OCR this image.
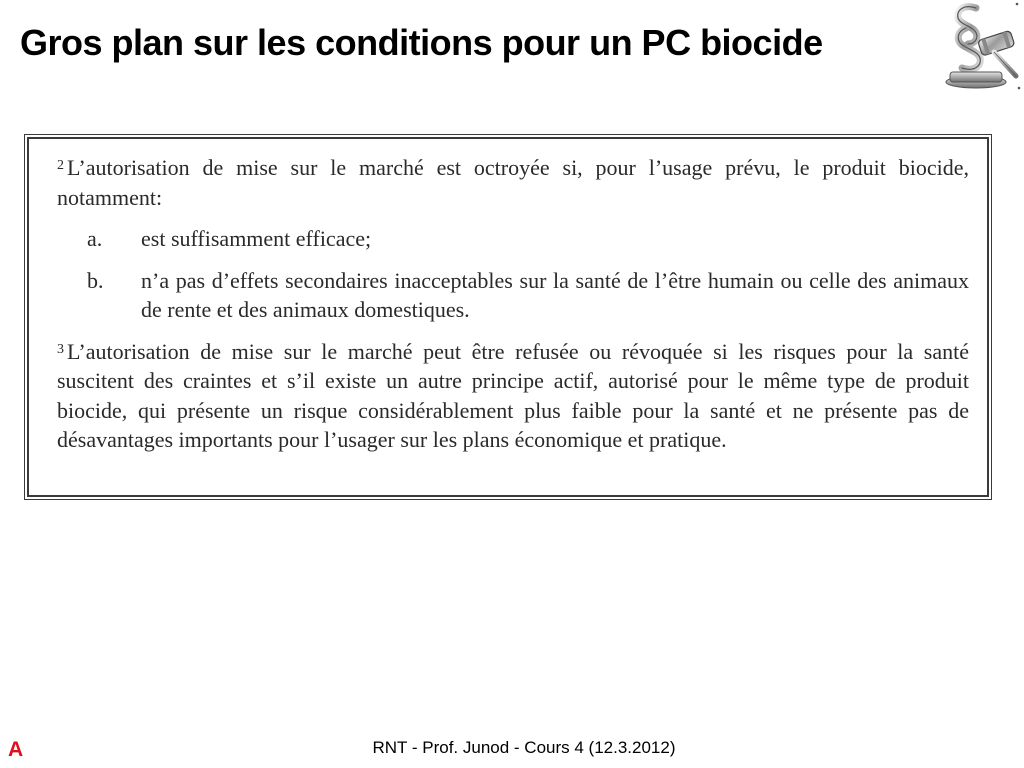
Gros plan sur les conditions pour un PC biocide

$^2$ L’autorisation de mise sur le marché est octroyée si, pour l’usage prévu, le produit biocide, notamment:

a.	est suffisamment efficace;
b.	n’a pas d’effets secondaires inacceptables sur la santé de l’être humain ou celle des animaux de rente et des animaux domestiques.

$^3$ L’autorisation de mise sur le marché peut être refusée ou révoquée si les risques pour la santé suscitent des craintes et s’il existe un autre principe actif, autorisé pour le même type de produit biocide, qui présente un risque considérablement plus faible pour la santé et ne présente pas de désavantages importants pour l’usager sur les plans économique et pratique.

RNT - Prof. Junod - Cours 4 (12.3.2012)
A
